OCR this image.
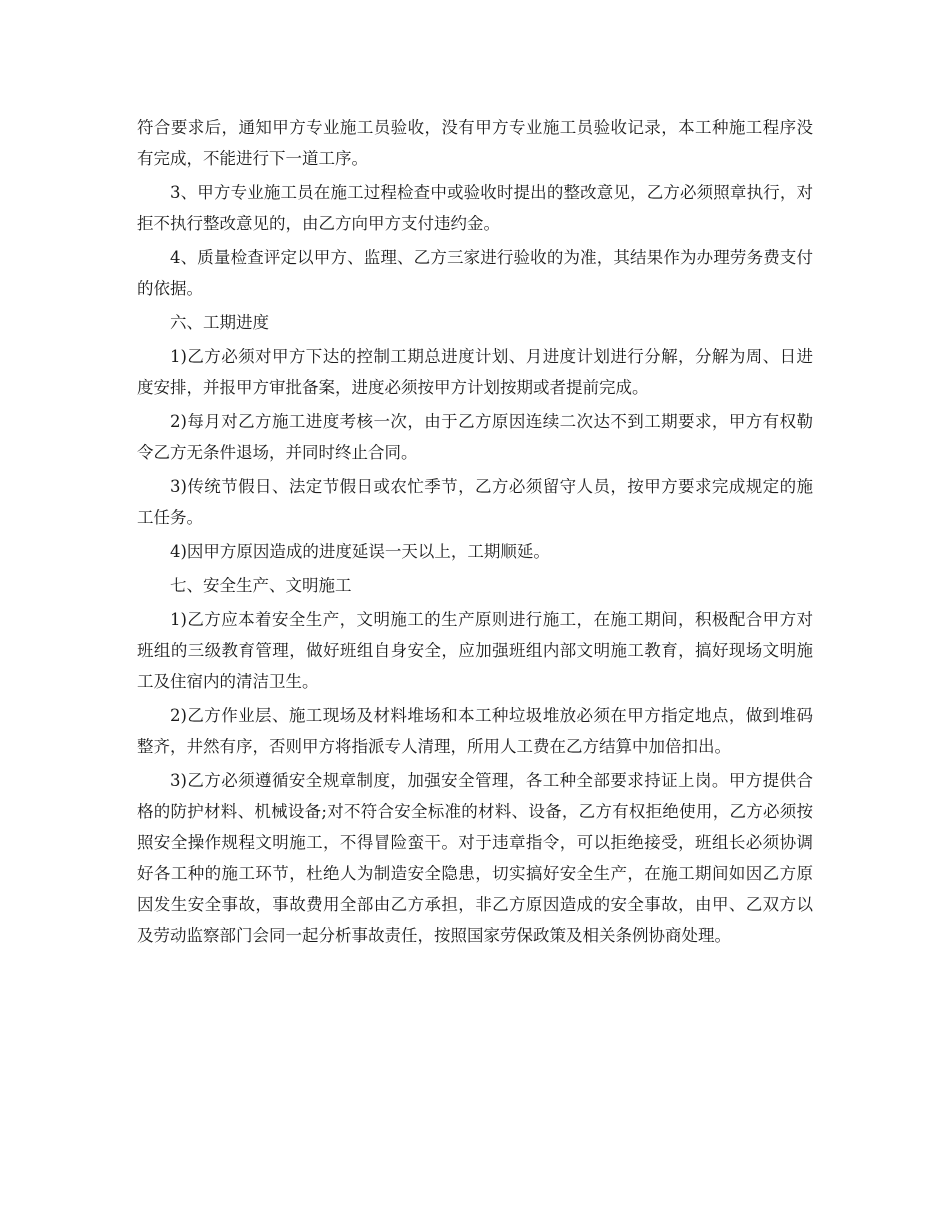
符合要求后，通知甲方专业施工员验收，没有甲方专业施工员验收记录，本工种施工程序没有完成，不能进行下一道工序。

3、甲方专业施工员在施工过程检查中或验收时提出的整改意见，乙方必须照章执行，对拒不执行整改意见的，由乙方向甲方支付违约金。

4、质量检查评定以甲方、监理、乙方三家进行验收的为准，其结果作为办理劳务费支付的依据。

六、工期进度

1)乙方必须对甲方下达的控制工期总进度计划、月进度计划进行分解，分解为周、日进度安排，并报甲方审批备案，进度必须按甲方计划按期或者提前完成。

2)每月对乙方施工进度考核一次，由于乙方原因连续二次达不到工期要求，甲方有权勒令乙方无条件退场，并同时终止合同。

3)传统节假日、法定节假日或农忙季节，乙方必须留守人员，按甲方要求完成规定的施工任务。

4)因甲方原因造成的进度延误一天以上，工期顺延。

七、安全生产、文明施工

1)乙方应本着安全生产，文明施工的生产原则进行施工，在施工期间，积极配合甲方对班组的三级教育管理，做好班组自身安全，应加强班组内部文明施工教育，搞好现场文明施工及住宿内的清洁卫生。

2)乙方作业层、施工现场及材料堆场和本工种垃圾堆放必须在甲方指定地点，做到堆码整齐，井然有序，否则甲方将指派专人清理，所用人工费在乙方结算中加倍扣出。

3)乙方必须遵循安全规章制度，加强安全管理，各工种全部要求持证上岗。甲方提供合格的防护材料、机械设备;对不符合安全标准的材料、设备，乙方有权拒绝使用，乙方必须按照安全操作规程文明施工，不得冒险蛮干。对于违章指令，可以拒绝接受，班组长必须协调好各工种的施工环节，杜绝人为制造安全隐患，切实搞好安全生产，在施工期间如因乙方原因发生安全事故，事故费用全部由乙方承担，非乙方原因造成的安全事故，由甲、乙双方以及劳动监察部门会同一起分析事故责任，按照国家劳保政策及相关条例协商处理。
